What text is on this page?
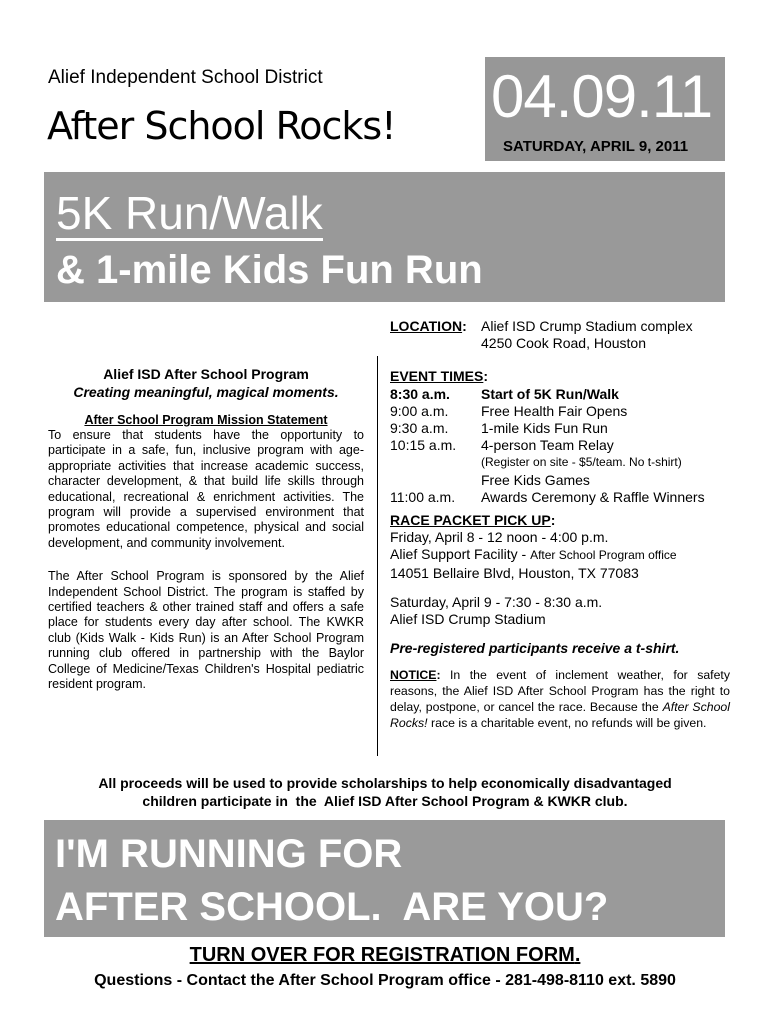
Alief Independent School District
After School Rocks! 04.09.11
SATURDAY, APRIL 9, 2011
5K Run/Walk
& 1-mile Kids Fun Run
Alief ISD After School Program
Creating meaningful, magical moments.
After School Program Mission Statement
To ensure that students have the opportunity to participate in a safe, fun, inclusive program with age-appropriate activities that increase academic success, character development, & that build life skills through educational, recreational & enrichment activities. The program will provide a supervised environment that promotes educational competence, physical and social development, and community involvement.
The After School Program is sponsored by the Alief Independent School District. The program is staffed by certified teachers & other trained staff and offers a safe place for students every day after school. The KWKR club (Kids Walk - Kids Run) is an After School Program running club offered in partnership with the Baylor College of Medicine/Texas Children's Hospital pediatric resident program.
LOCATION:	Alief ISD Crump Stadium complex
4250 Cook Road, Houston
EVENT TIMES:
8:30 a.m.	Start of 5K Run/Walk
9:00 a.m.	Free Health Fair Opens
9:30 a.m.	1-mile Kids Fun Run
10:15 a.m.	4-person Team Relay
(Register on site - $5/team. No t-shirt)
Free Kids Games
11:00 a.m.	Awards Ceremony & Raffle Winners
RACE PACKET PICK UP:
Friday, April 8 - 12 noon - 4:00 p.m.
Alief Support Facility - After School Program office
14051 Bellaire Blvd, Houston, TX 77083
Saturday, April 9 - 7:30 - 8:30 a.m.
Alief ISD Crump Stadium
Pre-registered participants receive a t-shirt.
NOTICE: In the event of inclement weather, for safety reasons, the Alief ISD After School Program has the right to delay, postpone, or cancel the race. Because the After School Rocks! race is a charitable event, no refunds will be given.
All proceeds will be used to provide scholarships to help economically disadvantaged
children participate in  the  Alief ISD After School Program & KWKR club.
I'M RUNNING FOR
AFTER SCHOOL.  ARE YOU?
TURN OVER FOR REGISTRATION FORM.
Questions - Contact the After School Program office - 281-498-8110 ext. 5890
